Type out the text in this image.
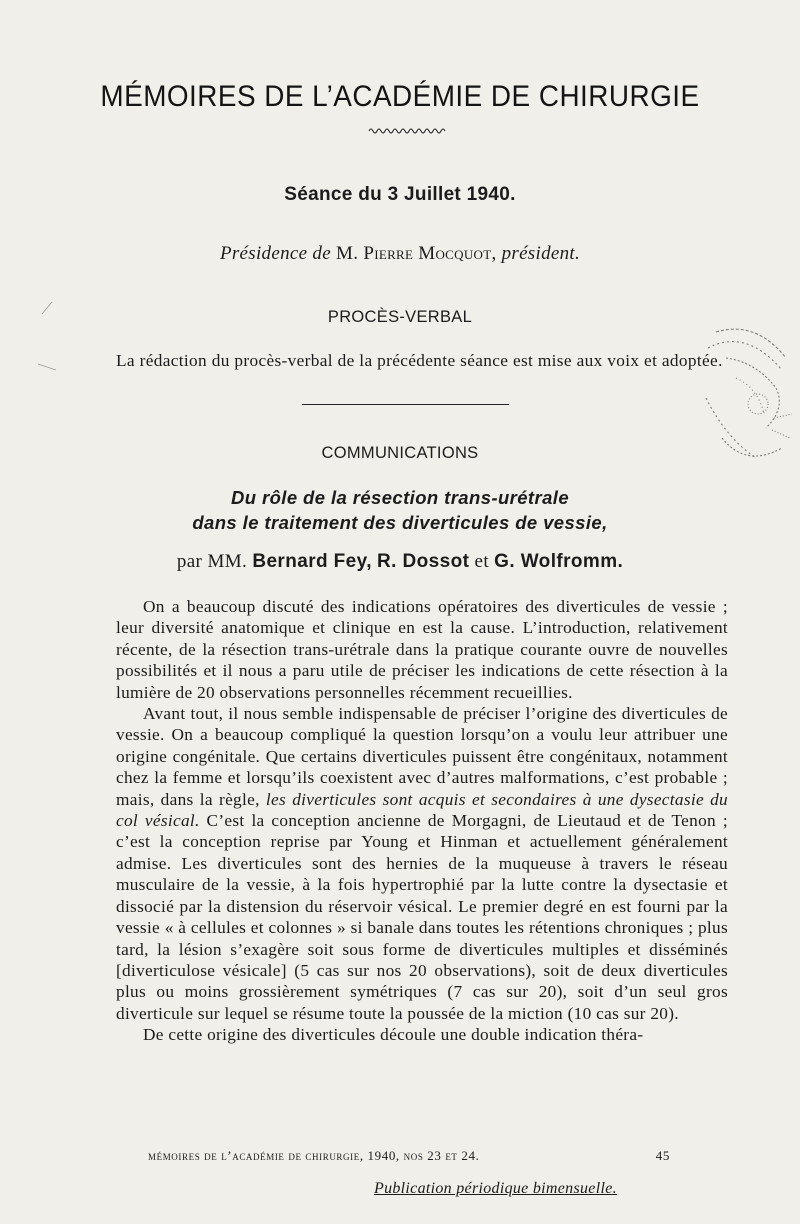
MÉMOIRES DE L’ACADÉMIE DE CHIRURGIE
Séance du 3 Juillet 1940.
Présidence de M. Pierre Mocquot, président.
PROCÈS-VERBAL
La rédaction du procès-verbal de la précédente séance est mise aux voix et adoptée.
COMMUNICATIONS
Du rôle de la résection trans-urétrale
dans le traitement des diverticules de vessie,
par MM. Bernard Fey, R. Dossot et G. Wolfromm.

On a beaucoup discuté des indications opératoires des diverticules de vessie ; leur diversité anatomique et clinique en est la cause. L’introduction, relativement récente, de la résection trans-urétrale dans la pratique courante ouvre de nouvelles possibilités et il nous a paru utile de préciser les indications de cette résection à la lumière de 20 observations personnelles récemment recueillies.

Avant tout, il nous semble indispensable de préciser l’origine des diverticules de vessie. On a beaucoup compliqué la question lorsqu’on a voulu leur attribuer une origine congénitale. Que certains diverticules puissent être congénitaux, notamment chez la femme et lorsqu’ils coexistent avec d’autres malformations, c’est probable ; mais, dans la règle, les diverticules sont acquis et secondaires à une dysectasie du col vésical. C’est la conception ancienne de Morgagni, de Lieutaud et de Tenon ; c’est la conception reprise par Young et Hinman et actuellement généralement admise. Les diverticules sont des hernies de la muqueuse à travers le réseau musculaire de la vessie, à la fois hypertrophié par la lutte contre la dysectasie et dissocié par la distension du réservoir vésical. Le premier degré en est fourni par la vessie « à cellules et colonnes » si banale dans toutes les rétentions chroniques ; plus tard, la lésion s’exagère soit sous forme de diverticules multiples et disséminés [diverticulose vésicale] (5 cas sur nos 20 observations), soit de deux diverticules plus ou moins grossièrement symétriques (7 cas sur 20), soit d’un seul gros diverticule sur lequel se résume toute la poussée de la miction (10 cas sur 20).

De cette origine des diverticules découle une double indication théra-

mémoires de l’académie de chirurgie, 1940, nos 23 et 24.	45
Publication périodique bimensuelle.
